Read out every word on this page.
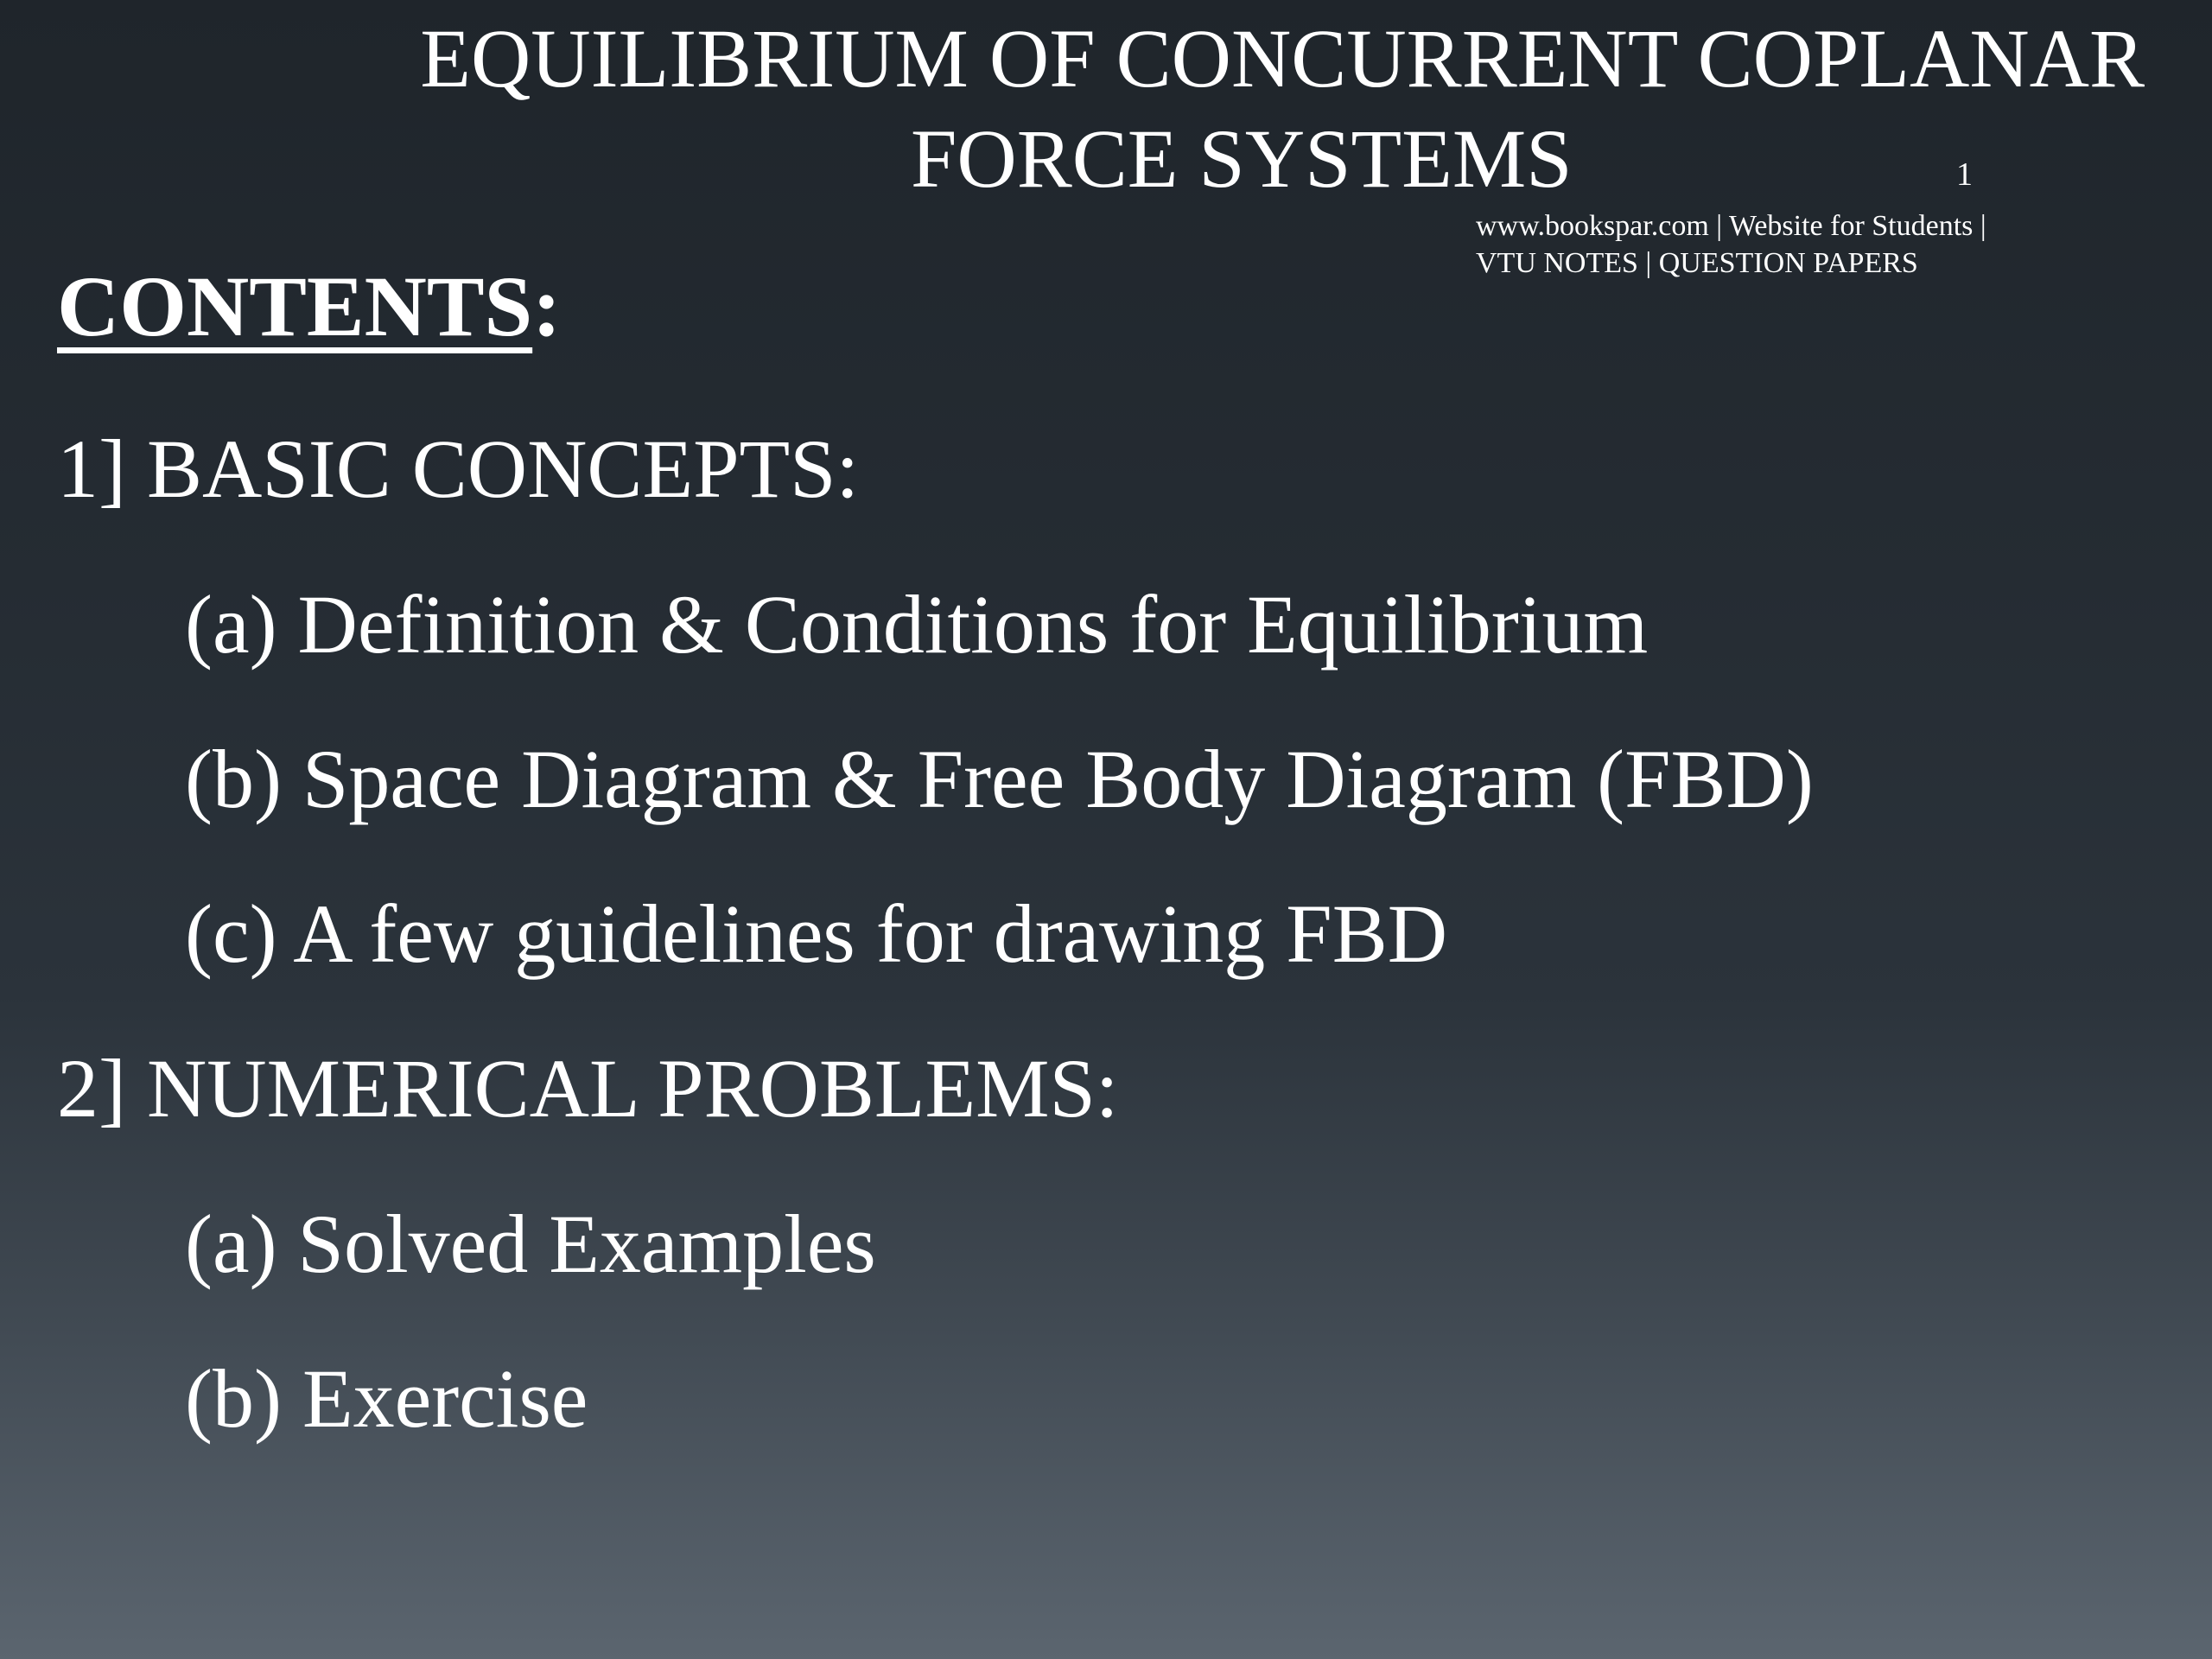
EQUILIBRIUM OF CONCURRENT COPLANAR
FORCE SYSTEMS	1
www.bookspar.com | Website for Students | VTU NOTES | QUESTION PAPERS
CONTENTS:
1] BASIC CONCEPTS:
(a) Definition & Conditions for Equilibrium
(b) Space Diagram & Free Body Diagram (FBD)
(c) A few guidelines for drawing FBD
2] NUMERICAL PROBLEMS:
(a) Solved Examples
(b) Exercise
